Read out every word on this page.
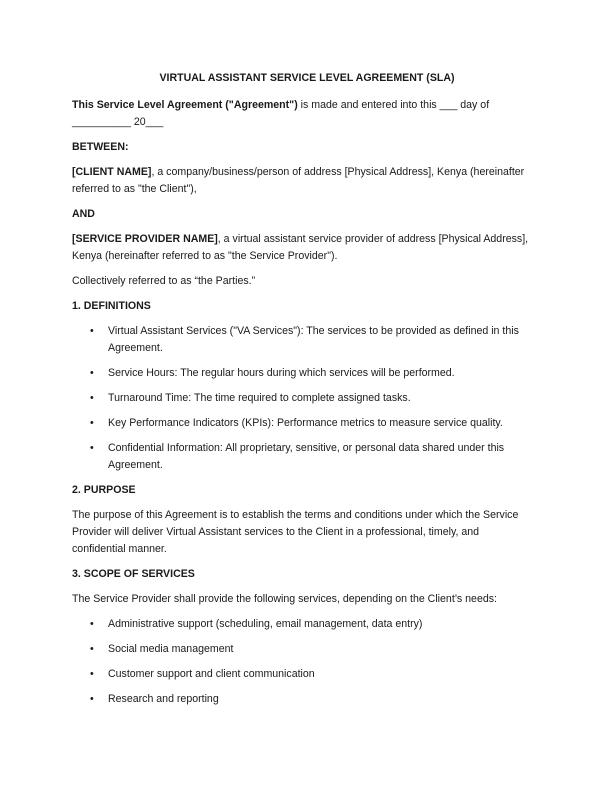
VIRTUAL ASSISTANT SERVICE LEVEL AGREEMENT (SLA)

This Service Level Agreement ("Agreement") is made and entered into this ___ day of
__________ 20___

BETWEEN:

[CLIENT NAME], a company/business/person of address [Physical Address], Kenya (hereinafter
referred to as "the Client"),

AND

[SERVICE PROVIDER NAME], a virtual assistant service provider of address [Physical Address],
Kenya (hereinafter referred to as "the Service Provider").

Collectively referred to as “the Parties.”

1. DEFINITIONS
• Virtual Assistant Services ("VA Services"): The services to be provided as defined in this
Agreement.
• Service Hours: The regular hours during which services will be performed.
• Turnaround Time: The time required to complete assigned tasks.
• Key Performance Indicators (KPIs): Performance metrics to measure service quality.
• Confidential Information: All proprietary, sensitive, or personal data shared under this
Agreement.
2. PURPOSE

The purpose of this Agreement is to establish the terms and conditions under which the Service
Provider will deliver Virtual Assistant services to the Client in a professional, timely, and
confidential manner.

3. SCOPE OF SERVICES

The Service Provider shall provide the following services, depending on the Client’s needs:

• Administrative support (scheduling, email management, data entry)
• Social media management
• Customer support and client communication
• Research and reporting
